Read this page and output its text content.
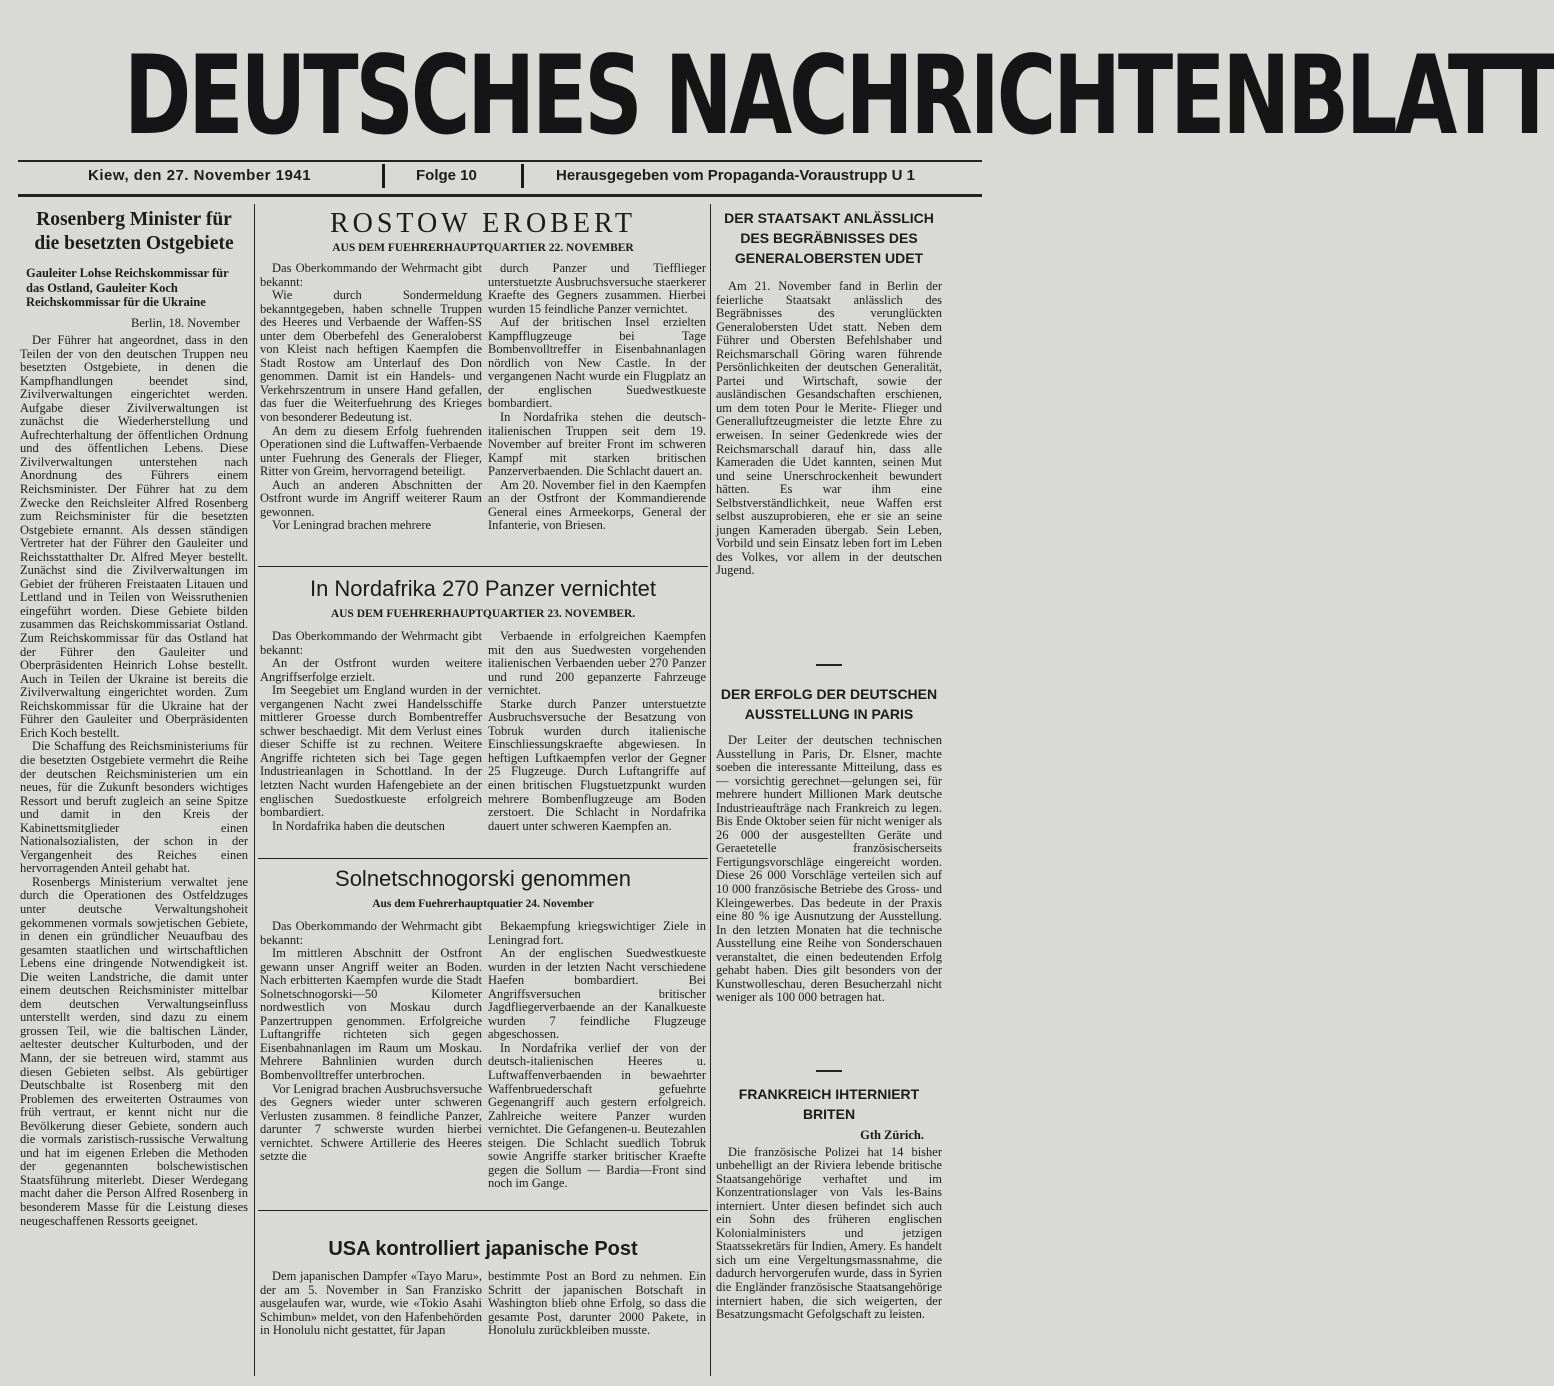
DEUTSCHES NACHRICHTENBLATT
Kiew, den 27. November 1941	Folge 10	Herausgegeben vom Propaganda-Voraustrupp U 1
Rosenberg Minister für die besetzten Ostgebiete
Gauleiter Lohse Reichskommissar für das Ostland, Gauleiter Koch Reichskommissar für die Ukraine
Berlin, 18. November

Der Führer hat angeordnet, dass in den Teilen der von den deutschen Truppen neu besetzten Ostgebiete, in denen die Kampfhandlungen beendet sind, Zivilverwaltungen eingerichtet werden. Aufgabe dieser Zivilverwaltungen ist zunächst die Wiederherstellung und Aufrechterhaltung der öffentlichen Ordnung und des öffentlichen Lebens. Diese Zivilverwaltungen unterstehen nach Anordnung des Führers einem Reichsminister. Der Führer hat zu dem Zwecke den Reichsleiter Alfred Rosenberg zum Reichsminister für die besetzten Ostgebiete ernannt. Als dessen ständigen Vertreter hat der Führer den Gauleiter und Reichsstatthalter Dr. Alfred Meyer bestellt. Zunächst sind die Zivilverwaltungen im Gebiet der früheren Freistaaten Litauen und Lettland und in Teilen von Weissruthenien eingeführt worden. Diese Gebiete bilden zusammen das Reichskommissariat Ostland. Zum Reichskommissar für das Ostland hat der Führer den Gauleiter und Oberpräsidenten Heinrich Lohse bestellt. Auch in Teilen der Ukraine ist bereits die Zivilverwaltung eingerichtet worden. Zum Reichskommissar für die Ukraine hat der Führer den Gauleiter und Oberpräsidenten Erich Koch bestellt.

Die Schaffung des Reichsministeriums für die besetzten Ostgebiete vermehrt die Reihe der deutschen Reichsministerien um ein neues, für die Zukunft besonders wichtiges Ressort und beruft zugleich an seine Spitze und damit in den Kreis der Kabinettsmitglieder einen Nationalsozialisten, der schon in der Vergangenheit des Reiches einen hervorragenden Anteil gehabt hat.

Rosenbergs Ministerium verwaltet jene durch die Operationen des Ostfeldzuges unter deutsche Verwaltungshoheit gekommenen vormals sowjetischen Gebiete, in denen ein gründlicher Neuaufbau des gesamten staatlichen und wirtschaftlichen Lebens eine dringende Notwendigkeit ist. Die weiten Landstriche, die damit unter einem deutschen Reichsminister mittelbar dem deutschen Verwaltungseinfluss unterstellt werden, sind dazu zu einem grossen Teil, wie die baltischen Länder, aeltester deutscher Kulturboden, und der Mann, der sie betreuen wird, stammt aus diesen Gebieten selbst. Als gebürtiger Deutschbalte ist Rosenberg mit den Problemen des erweiterten Ostraumes von früh vertraut, er kennt nicht nur die Bevölkerung dieser Gebiete, sondern auch die vormals zaristisch-russische Verwaltung und hat im eigenen Erleben die Methoden der gegenannten bolschewistischen Staatsführung miterlebt. Dieser Werdegang macht daher die Person Alfred Rosenberg in besonderem Masse für die Leistung dieses neugeschaffenen Ressorts geeignet.

ROSTOW EROBERT
AUS DEM FUEHRERHAUPTQUARTIER 22. NOVEMBER

Das Oberkommando der Wehrmacht gibt bekannt:

Wie durch Sondermeldung bekanntgegeben, haben schnelle Truppen des Heeres und Verbaende der Waffen-SS unter dem Oberbefehl des Generaloberst von Kleist nach heftigen Kaempfen die Stadt Rostow am Unterlauf des Don genommen. Damit ist ein Handels- und Verkehrszentrum in unsere Hand gefallen, das fuer die Weiterfuehrung des Krieges von besonderer Bedeutung ist.

An dem zu diesem Erfolg fuehrenden Operationen sind die Luftwaffen-Verbaende unter Fuehrung des Generals der Flieger, Ritter von Greim, hervorragend beteiligt.

Auch an anderen Abschnitten der Ostfront wurde im Angriff weiterer Raum gewonnen.

Vor Leningrad brachen mehrere

durch Panzer und Tiefflieger unterstuetzte Ausbruchsversuche staerkerer Kraefte des Gegners zusammen. Hierbei wurden 15 feindliche Panzer vernichtet.

Auf der britischen Insel erzielten Kampfflugzeuge bei Tage Bombenvolltreffer in Eisenbahnanlagen nördlich von New Castle. In der vergangenen Nacht wurde ein Flugplatz an der englischen Suedwestkueste bombardiert.

In Nordafrika stehen die deutsch-italienischen Truppen seit dem 19. November auf breiter Front im schweren Kampf mit starken britischen Panzerverbaenden. Die Schlacht dauert an.

Am 20. November fiel in den Kaempfen an der Ostfront der Kommandierende General eines Armeekorps, General der Infanterie, von Briesen.

In Nordafrika 270 Panzer vernichtet
AUS DEM FUEHRERHAUPTQUARTIER 23. NOVEMBER.

Das Oberkommando der Wehrmacht gibt bekannt:

An der Ostfront wurden weitere Angriffserfolge erzielt.

Im Seegebiet um England wurden in der vergangenen Nacht zwei Handelsschiffe mittlerer Groesse durch Bombentreffer schwer beschaedigt. Mit dem Verlust eines dieser Schiffe ist zu rechnen. Weitere Angriffe richteten sich bei Tage gegen Industrieanlagen in Schottland. In der letzten Nacht wurden Hafengebiete an der englischen Suedostkueste erfolgreich bombardiert.

In Nordafrika haben die deutschen

Verbaende in erfolgreichen Kaempfen mit den aus Suedwesten vorgehenden italienischen Verbaenden ueber 270 Panzer und rund 200 gepanzerte Fahrzeuge vernichtet.

Starke durch Panzer unterstuetzte Ausbruchsversuche der Besatzung von Tobruk wurden durch italienische Einschliessungskraefte abgewiesen. In heftigen Luftkaempfen verlor der Gegner 25 Flugzeuge. Durch Luftangriffe auf einen britischen Flugstuetzpunkt wurden mehrere Bombenflugzeuge am Boden zerstoert. Die Schlacht in Nordafrika dauert unter schweren Kaempfen an.

Solnetschnogorski genommen
Aus dem Fuehrerhauptquatier 24. November

Das Oberkommando der Wehrmacht gibt bekannt:

Im mittleren Abschnitt der Ostfront gewann unser Angriff weiter an Boden. Nach erbitterten Kaempfen wurde die Stadt Solnetschnogorski—50 Kilometer nordwestlich von Moskau durch Panzertruppen genommen. Erfolgreiche Luftangriffe richteten sich gegen Eisenbahnanlagen im Raum um Moskau. Mehrere Bahnlinien wurden durch Bombenvolltreffer unterbrochen.

Vor Lenigrad brachen Ausbruchsversuche des Gegners wieder unter schweren Verlusten zusammen. 8 feindliche Panzer, darunter 7 schwerste wurden hierbei vernichtet. Schwere Artillerie des Heeres setzte die

Bekaempfung kriegswichtiger Ziele in Leningrad fort.

An der englischen Suedwestkueste wurden in der letzten Nacht verschiedene Haefen bombardiert. Bei Angriffsversuchen britischer Jagdfliegerverbaende an der Kanalkueste wurden 7 feindliche Flugzeuge abgeschossen.

In Nordafrika verlief der von der deutsch-italienischen Heeres u. Luftwaffenverbaenden in bewaehrter Waffenbruederschaft gefuehrte Gegenangriff auch gestern erfolgreich. Zahlreiche weitere Panzer wurden vernichtet. Die Gefangenen-u. Beutezahlen steigen. Die Schlacht suedlich Tobruk sowie Angriffe starker britischer Kraefte gegen die Sollum — Bardia—Front sind noch im Gange.

USA kontrolliert japanische Post

Dem japanischen Dampfer «Tayo Maru», der am 5. November in San Franzisko ausgelaufen war, wurde, wie «Tokio Asahi Schimbun» meldet, von den Hafenbehörden in Honolulu nicht gestattet, für Japan

bestimmte Post an Bord zu nehmen. Ein Schritt der japanischen Botschaft in Washington blieb ohne Erfolg, so dass die gesamte Post, darunter 2000 Pakete, in Honolulu zurückbleiben musste.

DER STAATSAKT ANLÄSSLICH DES BEGRÄBNISSES DES GENERALOBERSTEN UDET

Am 21. November fand in Berlin der feierliche Staatsakt anlässlich des Begräbnisses des verunglückten Generalobersten Udet statt. Neben dem Führer und Obersten Befehlshaber und Reichsmarschall Göring waren führende Persönlichkeiten der deutschen Generalität, Partei und Wirtschaft, sowie der ausländischen Gesandschaften erschienen, um dem toten Pour le Merite- Flieger und Generalluftzeugmeister die letzte Ehre zu erweisen. In seiner Gedenkrede wies der Reichsmarschall darauf hin, dass alle Kameraden die Udet kannten, seinen Mut und seine Unerschrockenheit bewundert hätten. Es war ihm eine Selbstverständlichkeit, neue Waffen erst selbst auszuprobieren, ehe er sie an seine jungen Kameraden übergab. Sein Leben, Vorbild und sein Einsatz leben fort im Leben des Volkes, vor allem in der deutschen Jugend.

DER ERFOLG DER DEUTSCHEN AUSSTELLUNG IN PARIS

Der Leiter der deutschen technischen Ausstellung in Paris, Dr. Elsner, machte soeben die interessante Mitteilung, dass es — vorsichtig gerechnet—gelungen sei, für mehrere hundert Millionen Mark deutsche Industrieaufträge nach Frankreich zu legen. Bis Ende Oktober seien für nicht weniger als 26 000 der ausgestellten Geräte und Geraetetelle französischerseits Fertigungsvorschläge eingereicht worden. Diese 26 000 Vorschläge verteilen sich auf 10 000 französische Betriebe des Gross- und Kleingewerbes. Das bedeute in der Praxis eine 80 % ige Ausnutzung der Ausstellung. In den letzten Monaten hat die technische Ausstellung eine Reihe von Sonderschauen veranstaltet, die einen bedeutenden Erfolg gehabt haben. Dies gilt besonders von der Kunstwolleschau, deren Besucherzahl nicht weniger als 100 000 betragen hat.

FRANKREICH IHTERNIERT BRITEN
Gth Zürich.

Die französische Polizei hat 14 bisher unbehelligt an der Riviera lebende britische Staatsangehörige verhaftet und im Konzentrationslager von Vals les-Bains interniert. Unter diesen befindet sich auch ein Sohn des früheren englischen Kolonialministers und jetzigen Staatssekretärs für Indien, Amery. Es handelt sich um eine Vergeltungsmassnahme, die dadurch hervorgerufen wurde, dass in Syrien die Engländer französische Staatsangehörige interniert haben, die sich weigerten, der Besatzungsmacht Gefolgschaft zu leisten.
